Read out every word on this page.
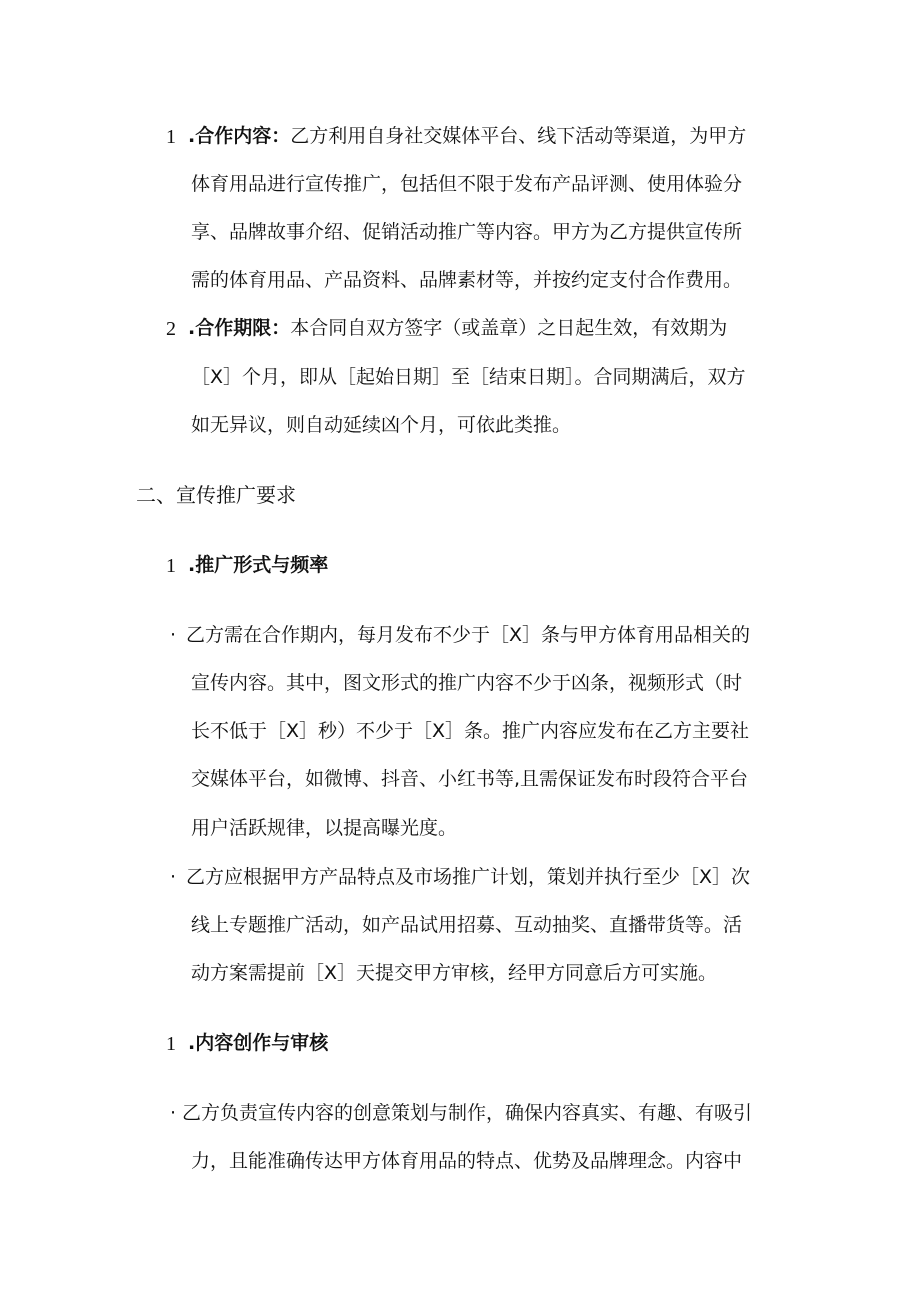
1 .合作内容：乙方利用自身社交媒体平台、线下活动等渠道，为甲方
体育用品进行宣传推广，包括但不限于发布产品评测、使用体验分
享、品牌故事介绍、促销活动推广等内容。甲方为乙方提供宣传所
需的体育用品、产品资料、品牌素材等，并按约定支付合作费用。
2 .合作期限：本合同自双方签字（或盖章）之日起生效，有效期为
［X］个月，即从［起始日期］至［结束日期］。合同期满后，双方
如无异议，则自动延续凶个月，可依此类推。
二、宣传推广要求
1 .推广形式与频率
· 乙方需在合作期内，每月发布不少于［X］条与甲方体育用品相关的
宣传内容。其中，图文形式的推广内容不少于凶条，视频形式（时
长不低于［X］秒）不少于［X］条。推广内容应发布在乙方主要社
交媒体平台，如微博、抖音、小红书等,且需保证发布时段符合平台
用户活跃规律，以提高曝光度。
· 乙方应根据甲方产品特点及市场推广计划，策划并执行至少［X］次
线上专题推广活动，如产品试用招募、互动抽奖、直播带货等。活
动方案需提前［X］天提交甲方审核，经甲方同意后方可实施。
1 .内容创作与审核
· 乙方负责宣传内容的创意策划与制作，确保内容真实、有趣、有吸引
力，且能准确传达甲方体育用品的特点、优势及品牌理念。内容中
